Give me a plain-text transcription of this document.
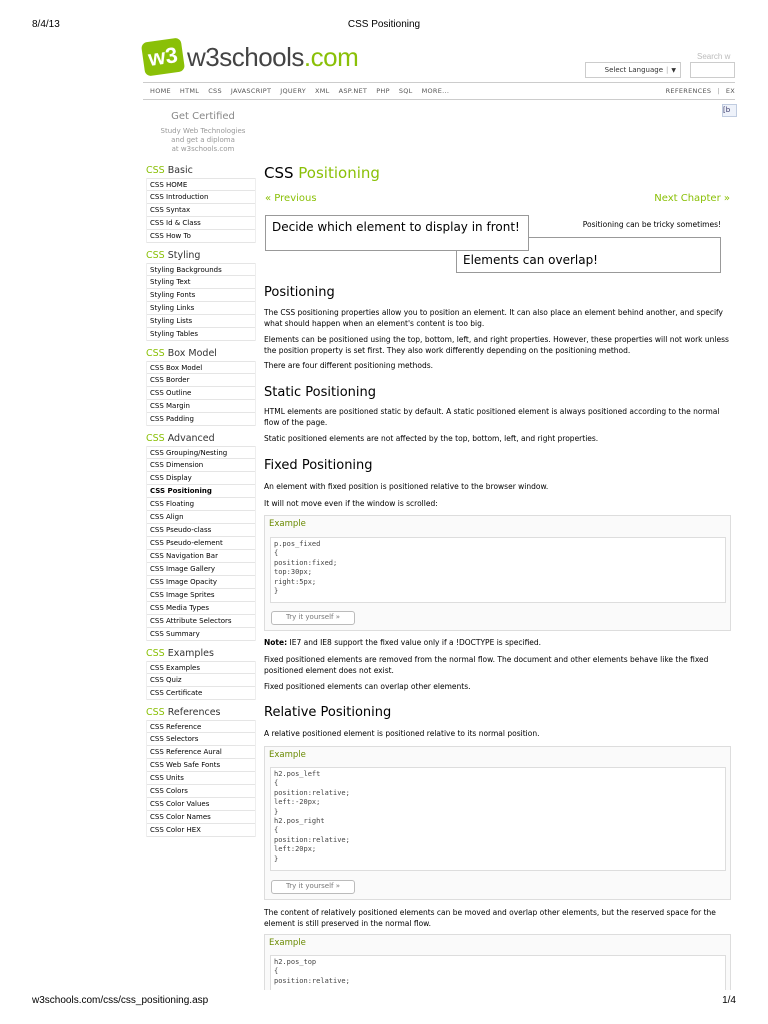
8/4/13	CSS Positioning
w3 w3schools.com	Search w
Select Language | ▼
HOME HTML CSS JAVASCRIPT JQUERY XML ASP.NET PHP SQL MORE...	REFERENCES | EX
[b
Get Certified
Study Web Technologies
and get a diploma
at w3schools.com
CSS Basic
CSS HOME
CSS Introduction
CSS Syntax
CSS Id & Class
CSS How To
CSS Styling
Styling Backgrounds
Styling Text
Styling Fonts
Styling Links
Styling Lists
Styling Tables
CSS Box Model
CSS Box Model
CSS Border
CSS Outline
CSS Margin
CSS Padding
CSS Advanced
CSS Grouping/Nesting
CSS Dimension
CSS Display
CSS Positioning
CSS Floating
CSS Align
CSS Pseudo-class
CSS Pseudo-element
CSS Navigation Bar
CSS Image Gallery
CSS Image Opacity
CSS Image Sprites
CSS Media Types
CSS Attribute Selectors
CSS Summary
CSS Examples
CSS Examples
CSS Quiz
CSS Certificate
CSS References
CSS Reference
CSS Selectors
CSS Reference Aural
CSS Web Safe Fonts
CSS Units
CSS Colors
CSS Color Values
CSS Color Names
CSS Color HEX
CSS Positioning
« Previous	Next Chapter »
Elements can overlap!
Positioning can be tricky sometimes!
Decide which element to display in front!
Positioning
The CSS positioning properties allow you to position an element. It can also place an element behind another, and specify what should happen when an element's content is too big.
Elements can be positioned using the top, bottom, left, and right properties. However, these properties will not work unless the position property is set first. They also work differently depending on the positioning method.
There are four different positioning methods.
Static Positioning
HTML elements are positioned static by default. A static positioned element is always positioned according to the normal flow of the page.
Static positioned elements are not affected by the top, bottom, left, and right properties.
Fixed Positioning
An element with fixed position is positioned relative to the browser window.
It will not move even if the window is scrolled:
Example
p.pos_fixed
{
position:fixed;
top:30px;
right:5px;
}
Try it yourself »
Note: IE7 and IE8 support the fixed value only if a !DOCTYPE is specified.
Fixed positioned elements are removed from the normal flow. The document and other elements behave like the fixed positioned element does not exist.
Fixed positioned elements can overlap other elements.
Relative Positioning
A relative positioned element is positioned relative to its normal position.
Example
h2.pos_left
{
position:relative;
left:-20px;
}
h2.pos_right
{
position:relative;
left:20px;
}
Try it yourself »
The content of relatively positioned elements can be moved and overlap other elements, but the reserved space for the element is still preserved in the normal flow.
Example
h2.pos_top
{
position:relative;
w3schools.com/css/css_positioning.asp	1/4
